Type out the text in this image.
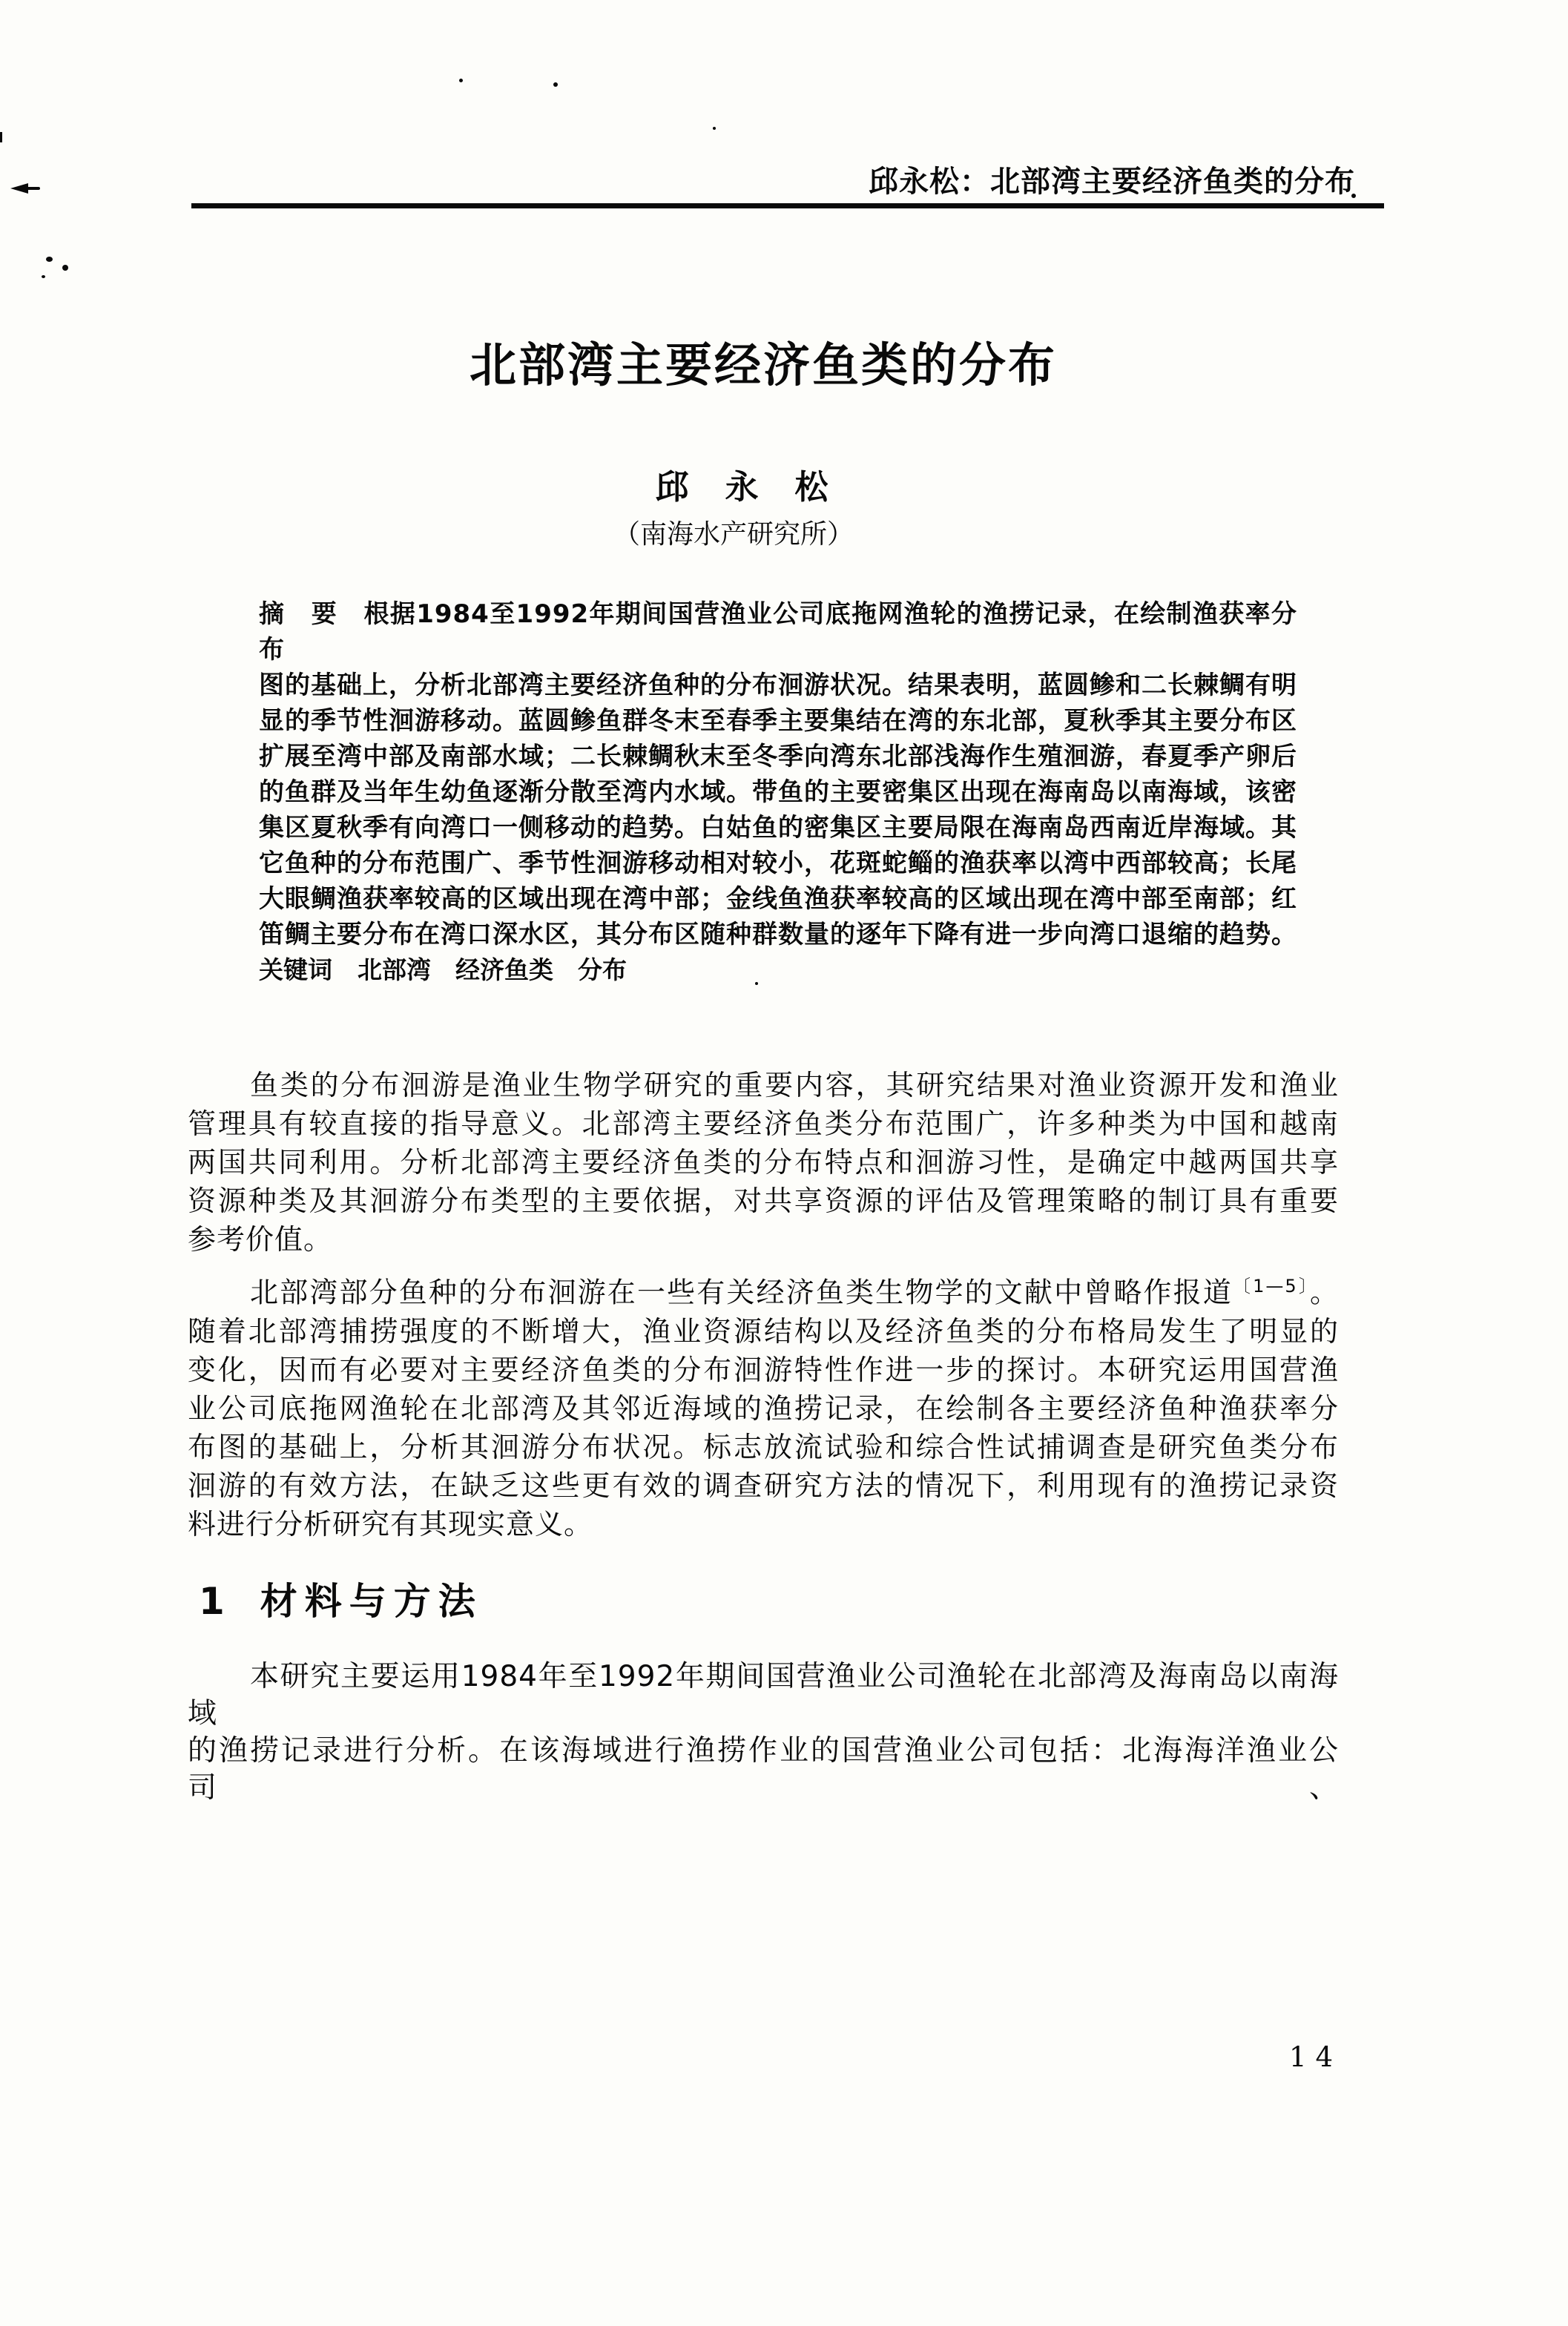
邱永松：北部湾主要经济鱼类的分布
北部湾主要经济鱼类的分布
邱　永　松
（南海水产研究所）
摘　要 根据1984至1992年期间国营渔业公司底拖网渔轮的渔捞记录，在绘制渔获率分布
图的基础上，分析北部湾主要经济鱼种的分布洄游状况。结果表明，蓝圆鲹和二长棘鲷有明
显的季节性洄游移动。蓝圆鲹鱼群冬末至春季主要集结在湾的东北部，夏秋季其主要分布区
扩展至湾中部及南部水域；二长棘鲷秋末至冬季向湾东北部浅海作生殖洄游，春夏季产卵后
的鱼群及当年生幼鱼逐渐分散至湾内水域。带鱼的主要密集区出现在海南岛以南海域，该密
集区夏秋季有向湾口一侧移动的趋势。白姑鱼的密集区主要局限在海南岛西南近岸海域。其
它鱼种的分布范围广、季节性洄游移动相对较小，花斑蛇鲻的渔获率以湾中西部较高；长尾
大眼鲷渔获率较高的区域出现在湾中部；金线鱼渔获率较高的区域出现在湾中部至南部；红
笛鲷主要分布在湾口深水区，其分布区随种群数量的逐年下降有进一步向湾口退缩的趋势。
关键词 北部湾　经济鱼类　分布
鱼类的分布洄游是渔业生物学研究的重要内容，其研究结果对渔业资源开发和渔业
管理具有较直接的指导意义。北部湾主要经济鱼类分布范围广，许多种类为中国和越南
两国共同利用。分析北部湾主要经济鱼类的分布特点和洄游习性，是确定中越两国共享
资源种类及其洄游分布类型的主要依据，对共享资源的评估及管理策略的制订具有重要
参考价值。
北部湾部分鱼种的分布洄游在一些有关经济鱼类生物学的文献中曾略作报道$^{〔1—5〕}$。
随着北部湾捕捞强度的不断增大，渔业资源结构以及经济鱼类的分布格局发生了明显的
变化，因而有必要对主要经济鱼类的分布洄游特性作进一步的探讨。本研究运用国营渔
业公司底拖网渔轮在北部湾及其邻近海域的渔捞记录，在绘制各主要经济鱼种渔获率分
布图的基础上，分析其洄游分布状况。标志放流试验和综合性试捕调查是研究鱼类分布
洄游的有效方法，在缺乏这些更有效的调查研究方法的情况下，利用现有的渔捞记录资
料进行分析研究有其现实意义。
1 材料与方法
本研究主要运用1984年至1992年期间国营渔业公司渔轮在北部湾及海南岛以南海域
的渔捞记录进行分析。在该海域进行渔捞作业的国营渔业公司包括：北海海洋渔业公司、
14
